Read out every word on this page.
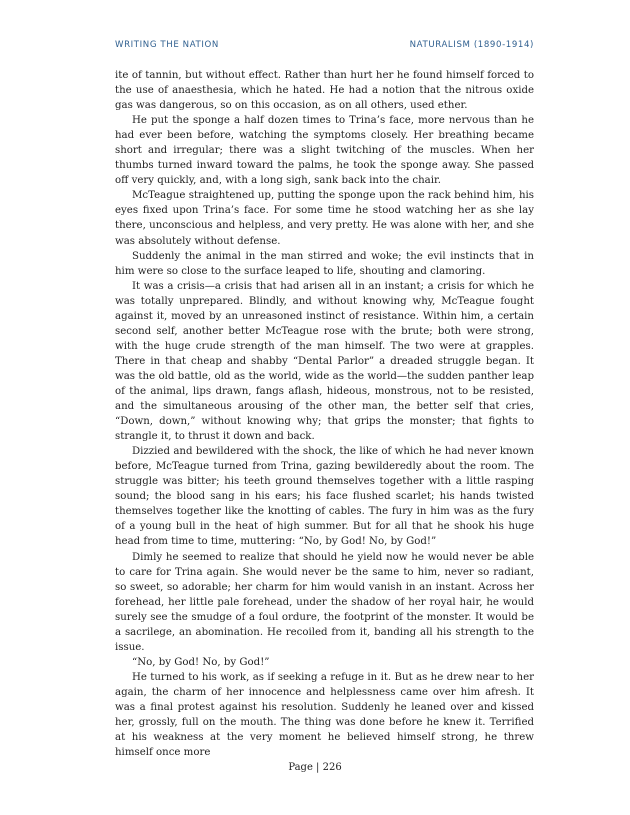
WRITING THE NATION	NATURALISM (1890-1914)

ite of tannin, but without effect. Rather than hurt her he found himself forced to the use of anaesthesia, which he hated. He had a notion that the nitrous oxide gas was dangerous, so on this occasion, as on all others, used ether.

He put the sponge a half dozen times to Trina’s face, more nervous than he had ever been before, watching the symptoms closely. Her breathing became short and irregular; there was a slight twitching of the muscles. When her thumbs turned inward toward the palms, he took the sponge away. She passed off very quickly, and, with a long sigh, sank back into the chair.

McTeague straightened up, putting the sponge upon the rack behind him, his eyes fixed upon Trina’s face. For some time he stood watching her as she lay there, unconscious and helpless, and very pretty. He was alone with her, and she was absolutely without defense.

Suddenly the animal in the man stirred and woke; the evil instincts that in him were so close to the surface leaped to life, shouting and clamoring.

It was a crisis—a crisis that had arisen all in an instant; a crisis for which he was totally unprepared. Blindly, and without knowing why, McTeague fought against it, moved by an unreasoned instinct of resistance. Within him, a certain second self, another better McTeague rose with the brute; both were strong, with the huge crude strength of the man himself. The two were at grapples. There in that cheap and shabby “Dental Parlor” a dreaded struggle began. It was the old battle, old as the world, wide as the world—the sudden panther leap of the animal, lips drawn, fangs aflash, hideous, monstrous, not to be resisted, and the simultaneous arousing of the other man, the better self that cries, “Down, down,” without knowing why; that grips the monster; that fights to strangle it, to thrust it down and back.

Dizzied and bewildered with the shock, the like of which he had never known before, McTeague turned from Trina, gazing bewilderedly about the room. The struggle was bitter; his teeth ground themselves together with a little rasping sound; the blood sang in his ears; his face flushed scarlet; his hands twisted themselves together like the knotting of cables. The fury in him was as the fury of a young bull in the heat of high summer. But for all that he shook his huge head from time to time, muttering: “No, by God! No, by God!”

Dimly he seemed to realize that should he yield now he would never be able to care for Trina again. She would never be the same to him, never so radiant, so sweet, so adorable; her charm for him would vanish in an instant. Across her forehead, her little pale forehead, under the shadow of her royal hair, he would surely see the smudge of a foul ordure, the footprint of the monster. It would be a sacrilege, an abomination. He recoiled from it, banding all his strength to the issue.

“No, by God! No, by God!”

He turned to his work, as if seeking a refuge in it. But as he drew near to her again, the charm of her innocence and helplessness came over him afresh. It was a final protest against his resolution. Suddenly he leaned over and kissed her, grossly, full on the mouth. The thing was done before he knew it. Terrified at his weakness at the very moment he believed himself strong, he threw himself once more

Page | 226
